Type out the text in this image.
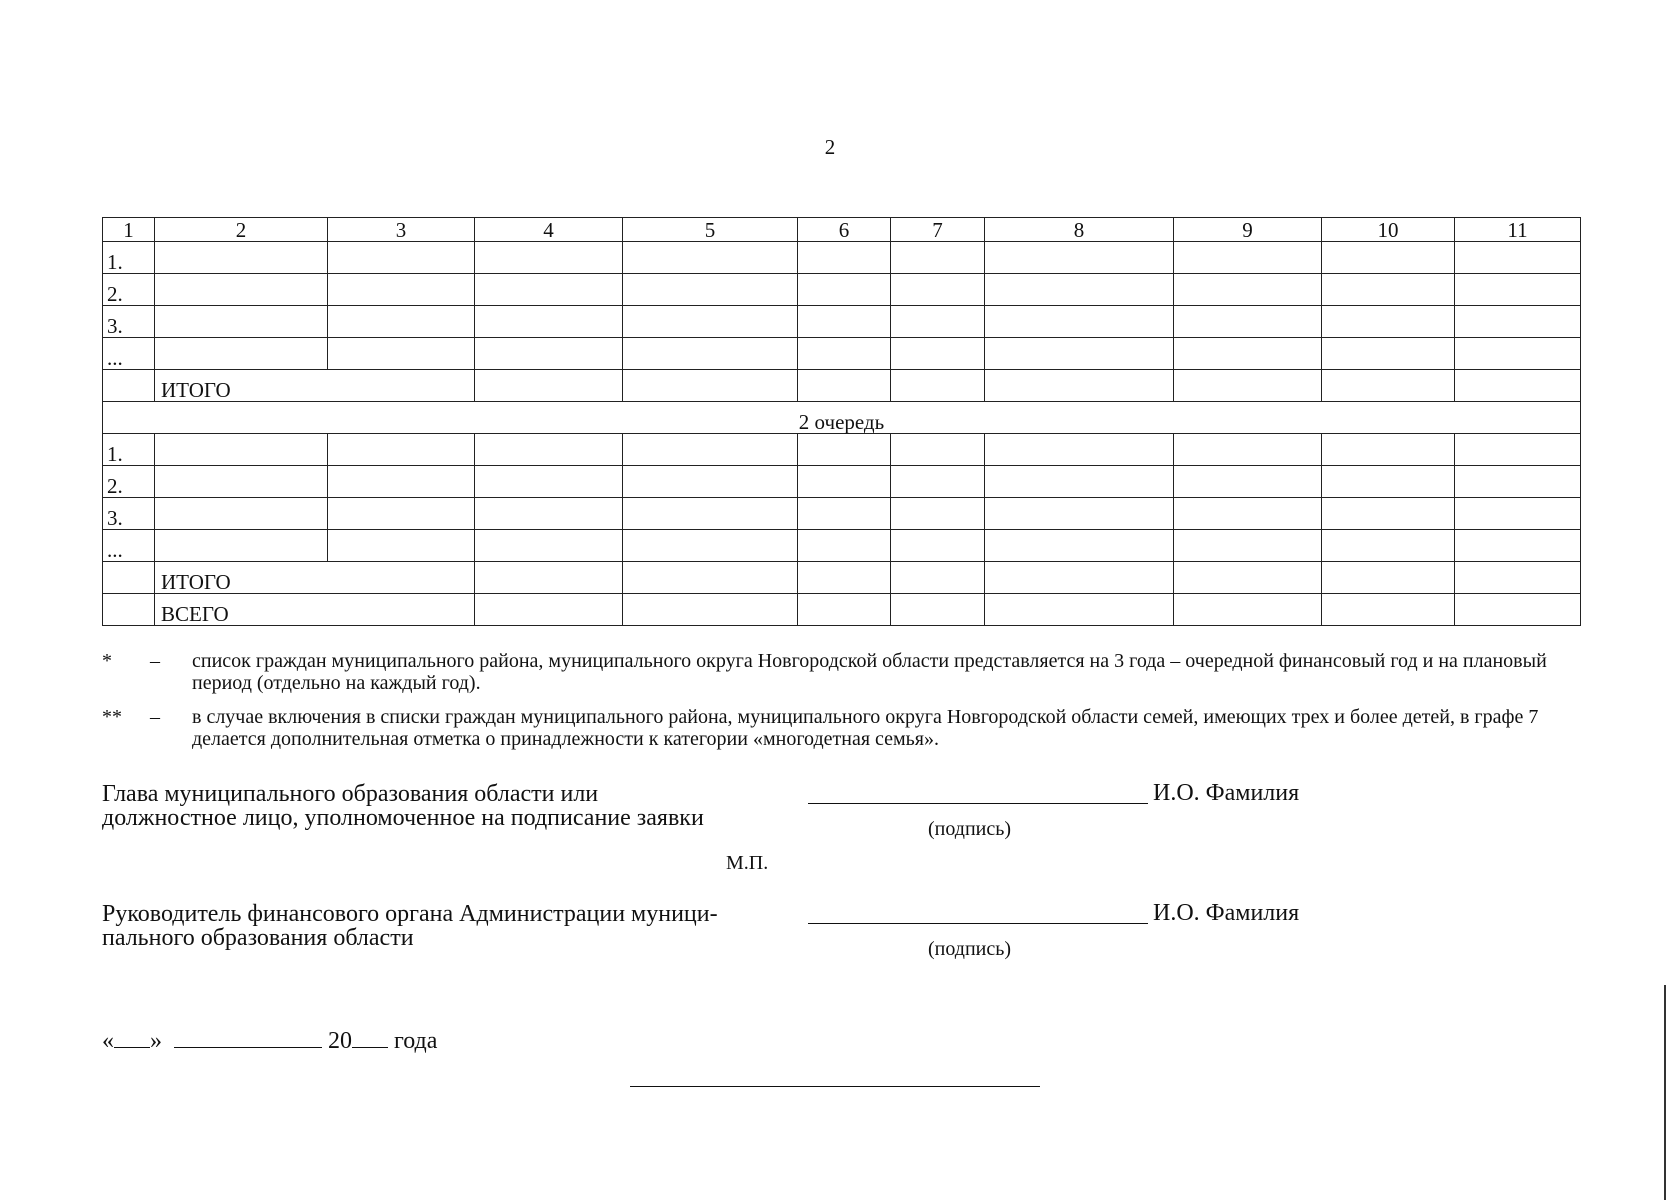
2
1	2	3	4	5	6	7	8	9	10	11
1.										
2.										
3.										
...										
	ИТОГО									
2 очередь										
1.										
2.										
3.										
...										
	ИТОГО									
	ВСЕГО									
*	–	список граждан муниципального района, муниципального округа Новгородской области представляется на 3 года – очередной финансовый год и на плановый период (отдельно на каждый год).
**	–	в случае включения в списки граждан муниципального района, муниципального округа Новгородской области семей, имеющих трех и более детей, в графе 7 делается дополнительная отметка о принадлежности к категории «многодетная семья».
Глава муниципального образования области или
должностное лицо, уполномоченное на подписание заявки
И.О. Фамилия
(подпись)
М.П.
Руководитель финансового органа Администрации муници-
пального образования области
И.О. Фамилия
(подпись)
« »	20 года
